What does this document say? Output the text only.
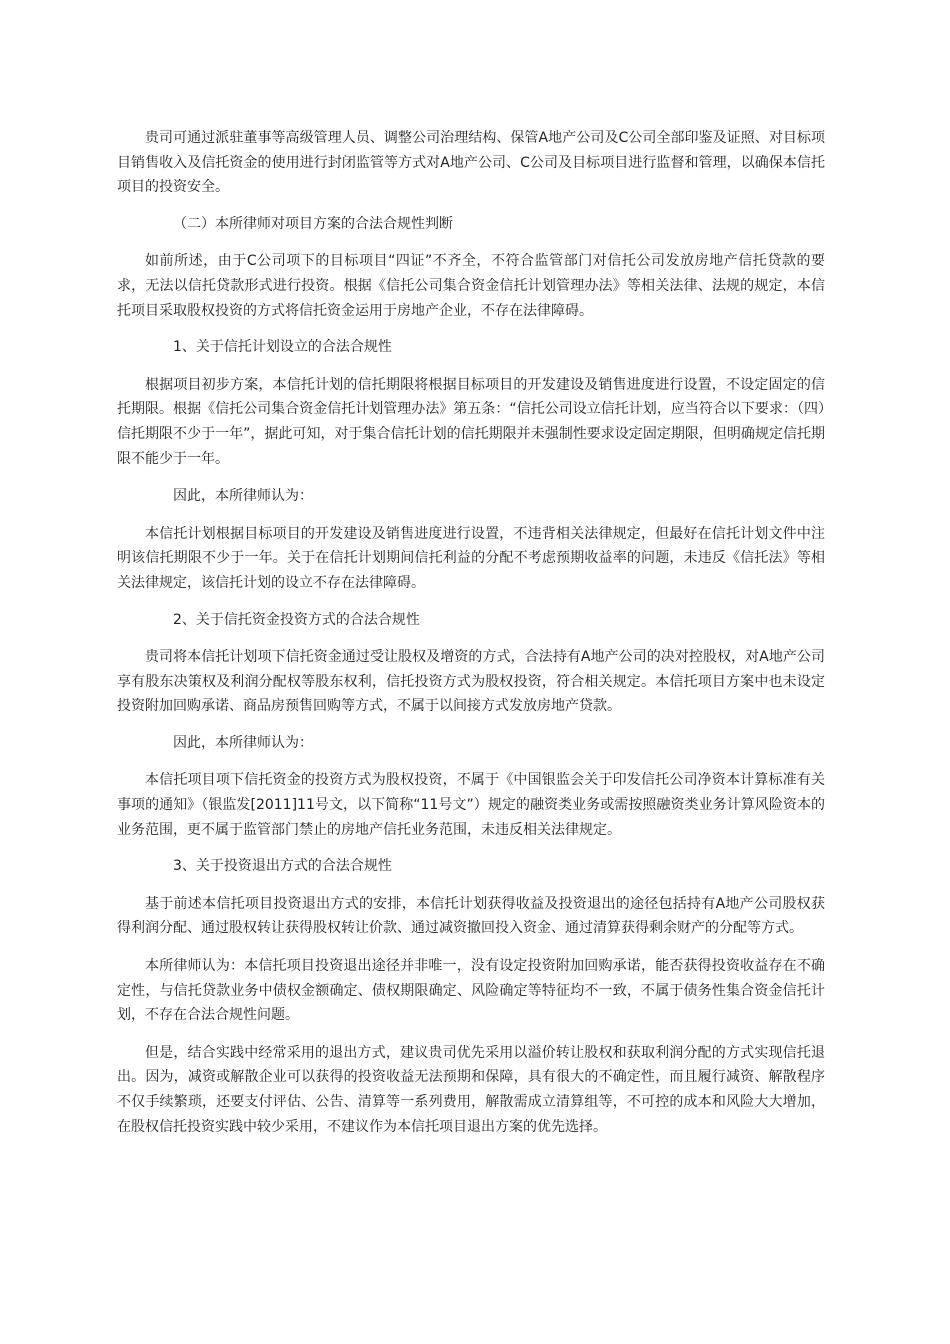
贵司可通过派驻董事等高级管理人员、调整公司治理结构、保管A地产公司及C公司全部印鉴及证照、对目标项目销售收入及信托资金的使用进行封闭监管等方式对A地产公司、C公司及目标项目进行监督和管理，以确保本信托项目的投资安全。

（二）本所律师对项目方案的合法合规性判断

如前所述，由于C公司项下的目标项目“四证”不齐全，不符合监管部门对信托公司发放房地产信托贷款的要求，无法以信托贷款形式进行投资。根据《信托公司集合资金信托计划管理办法》等相关法律、法规的规定，本信托项目采取股权投资的方式将信托资金运用于房地产企业，不存在法律障碍。

1、关于信托计划设立的合法合规性

根据项目初步方案，本信托计划的信托期限将根据目标项目的开发建设及销售进度进行设置，不设定固定的信托期限。根据《信托公司集合资金信托计划管理办法》第五条：“信托公司设立信托计划，应当符合以下要求：（四）信托期限不少于一年”，据此可知，对于集合信托计划的信托期限并未强制性要求设定固定期限，但明确规定信托期限不能少于一年。

因此，本所律师认为：

本信托计划根据目标项目的开发建设及销售进度进行设置，不违背相关法律规定，但最好在信托计划文件中注明该信托期限不少于一年。关于在信托计划期间信托利益的分配不考虑预期收益率的问题，未违反《信托法》等相关法律规定，该信托计划的设立不存在法律障碍。

2、关于信托资金投资方式的合法合规性

贵司将本信托计划项下信托资金通过受让股权及增资的方式，合法持有A地产公司的决对控股权，对A地产公司享有股东决策权及利润分配权等股东权利，信托投资方式为股权投资，符合相关规定。本信托项目方案中也未设定投资附加回购承诺、商品房预售回购等方式，不属于以间接方式发放房地产贷款。

因此，本所律师认为：

本信托项目项下信托资金的投资方式为股权投资，不属于《中国银监会关于印发信托公司净资本计算标准有关事项的通知》（银监发[2011]11号文，以下简称“11号文”）规定的融资类业务或需按照融资类业务计算风险资本的业务范围，更不属于监管部门禁止的房地产信托业务范围，未违反相关法律规定。

3、关于投资退出方式的合法合规性

基于前述本信托项目投资退出方式的安排，本信托计划获得收益及投资退出的途径包括持有A地产公司股权获得利润分配、通过股权转让获得股权转让价款、通过减资撤回投入资金、通过清算获得剩余财产的分配等方式。

本所律师认为：本信托项目投资退出途径并非唯一，没有设定投资附加回购承诺，能否获得投资收益存在不确定性，与信托贷款业务中债权金额确定、债权期限确定、风险确定等特征均不一致，不属于债务性集合资金信托计划，不存在合法合规性问题。

但是，结合实践中经常采用的退出方式，建议贵司优先采用以溢价转让股权和获取利润分配的方式实现信托退出。因为，减资或解散企业可以获得的投资收益无法预期和保障，具有很大的不确定性，而且履行减资、解散程序不仅手续繁琐，还要支付评估、公告、清算等一系列费用，解散需成立清算组等，不可控的成本和风险大大增加，在股权信托投资实践中较少采用，不建议作为本信托项目退出方案的优先选择。
